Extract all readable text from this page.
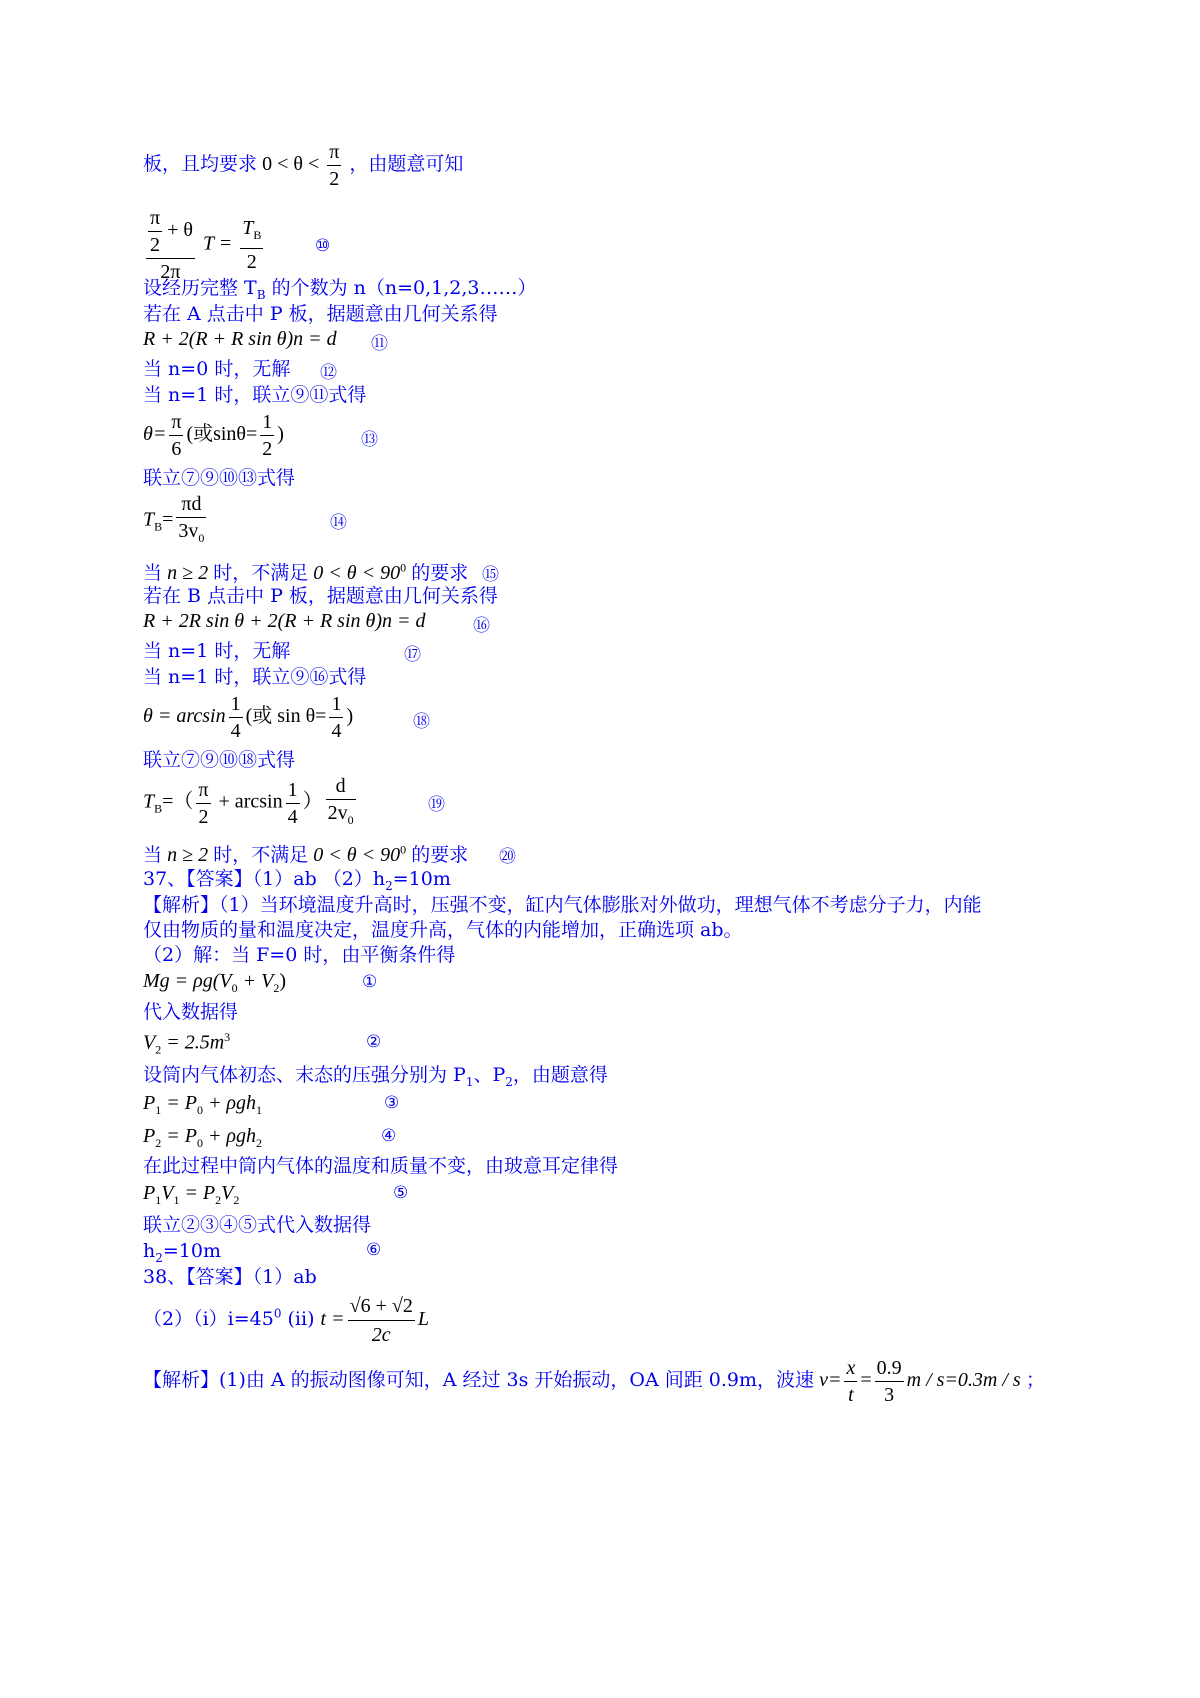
板，且均要求 $0 < \theta < \frac{\pi}{2}$ ，由题意可知
$\frac{\frac{\pi}{2} + \theta}{2\pi}$ $T = \frac{T_B}{2}$	⑩
设经历完整 $T_B$ 的个数为 n（n=0,1,2,3……）
若在 A 点击中 P 板，据题意由几何关系得
R + 2(R + R sin θ)n = d ⑪
当 n=0 时，无解 ⑫
当 n=1 时，联立⑨⑪式得
$\theta= \frac{\pi}{6}$ (或$\sin\theta= \frac{1}{2}$ )	⑬
联立⑦⑨⑩⑬式得
$T_B= \frac{\pi d}{3v_0}$	⑭
当 n ≥ 2 时，不满足 $0 < \theta < 90^0$ 的要求 ⑮
若在 B 点击中 P 板，据题意由几何关系得
R + 2R sin θ + 2(R + R sin θ)n = d	⑯
当 n=1 时，无解	⑰
当 n=1 时，联立⑨⑯式得
$\theta = \arcsin \frac{1}{4}$ (或 $\sin \theta= \frac{1}{4}$ )	⑱
联立⑦⑨⑩⑱式得
$T_B=( \frac{\pi}{2} + \arcsin \frac{1}{4}$ ） $\frac{d}{2v_0}$	⑲
当 n ≥ 2 时，不满足 $0 < \theta < 90^0$ 的要求 ⑳
37、【答案】（1）ab $(2)h_2=10m$
【解析】（1）当环境温度升高时，压强不变，缸内气体膨胀对外做功，理想气体不考虑分子力，内能
仅由物质的量和温度决定，温度升高，气体的内能增加，正确选项 ab。
（2）解：当 F=0 时，由平衡条件得
$Mg = \rho g(V_0 + V_2)$	①
代入数据得
$V_2 = 2.5m^3$	②
设筒内气体初态、末态的压强分别为 $P_1$、$P_2$，由题意得
$P_1 = P_0 + \rho gh_1$	③
$P_2 = P_0 + \rho gh_2$	④
在此过程中筒内气体的温度和质量不变，由玻意耳定律得
$P_1V_1 = P_2V_2$	⑤
联立②③④⑤式代入数据得
$h_2=10m$	⑥
38、【答案】（1）ab
$(2)(i)i=45^0$ (ii) $t = \frac{√6 + √2}{2c}$ L
【解析】(1)由 A 的振动图像可知，A 经过 3s 开始振动，OA 间距 0.9m，波速 $v= \frac{x}{t} = \frac{0.9}{3}$ m / s=0.3m / s ；
